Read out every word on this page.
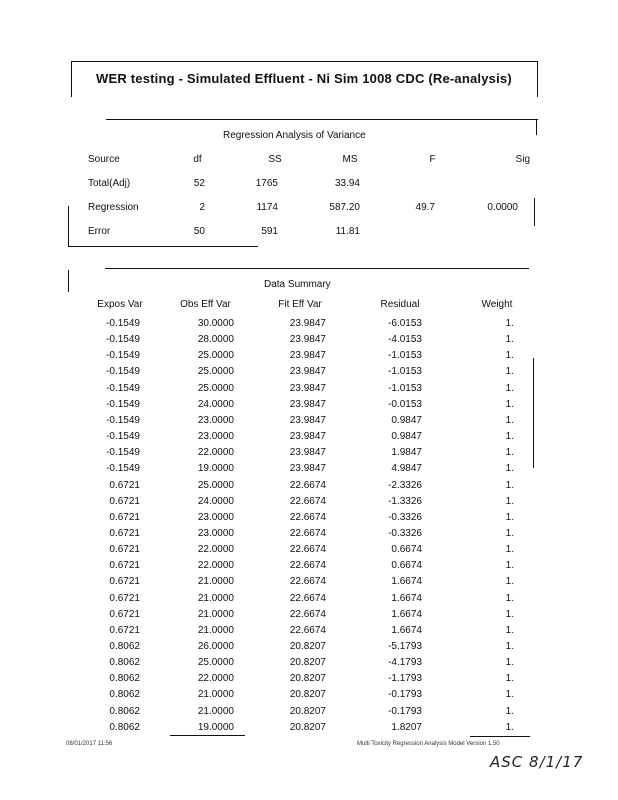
WER testing - Simulated Effluent - Ni Sim 1008 CDC (Re-analysis)
Regression Analysis of Variance
Source	df	SS	MS	F	Sig
Total(Adj)	52	1765	33.94
Regression	2	1174	587.20	49.7	0.0000
Error	50	591	11.81
Data Summary
Expos Var	Obs Eff Var	Fit Eff Var	Residual	Weight
-0.1549	30.0000	23.9847	-6.0153	1.
-0.1549	28.0000	23.9847	-4.0153	1.
-0.1549	25.0000	23.9847	-1.0153	1.
-0.1549	25.0000	23.9847	-1.0153	1.
-0.1549	25.0000	23.9847	-1.0153	1.
-0.1549	24.0000	23.9847	-0.0153	1.
-0.1549	23.0000	23.9847	0.9847	1.
-0.1549	23.0000	23.9847	0.9847	1.
-0.1549	22.0000	23.9847	1.9847	1.
-0.1549	19.0000	23.9847	4.9847	1.
0.6721	25.0000	22.6674	-2.3326	1.
0.6721	24.0000	22.6674	-1.3326	1.
0.6721	23.0000	22.6674	-0.3326	1.
0.6721	23.0000	22.6674	-0.3326	1.
0.6721	22.0000	22.6674	0.6674	1.
0.6721	22.0000	22.6674	0.6674	1.
0.6721	21.0000	22.6674	1.6674	1.
0.6721	21.0000	22.6674	1.6674	1.
0.6721	21.0000	22.6674	1.6674	1.
0.6721	21.0000	22.6674	1.6674	1.
0.8062	26.0000	20.8207	-5.1793	1.
0.8062	25.0000	20.8207	-4.1793	1.
0.8062	22.0000	20.8207	-1.1793	1.
0.8062	21.0000	20.8207	-0.1793	1.
0.8062	21.0000	20.8207	-0.1793	1.
0.8062	19.0000	20.8207	1.8207	1.
08/01/2017 11:56	Multi Toxicity Regression Analysis Model Version 1.50
ASC 8/1/17
